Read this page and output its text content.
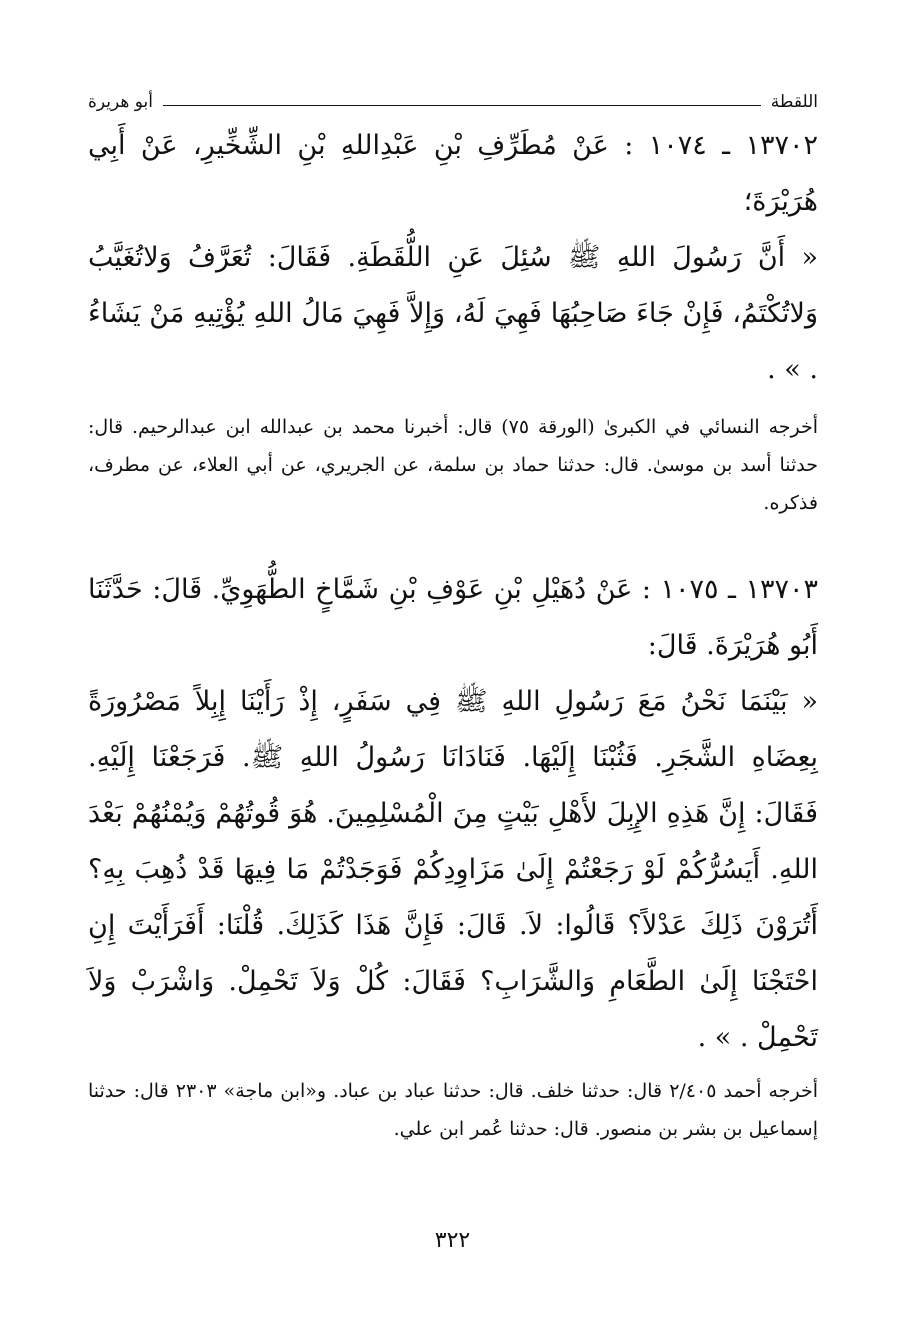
اللقطة
أبو هريرة

١٣٧٠٢ ـ ١٠٧٤ : عَنْ مُطَرِّفِ بْنِ عَبْدِاللهِ بْنِ الشِّخِّيرِ، عَنْ أَبِي هُرَيْرَةَ؛

« أَنَّ رَسُولَ اللهِ ﷺ سُئِلَ عَنِ اللُّقَطَةِ. فَقَالَ: تُعَرَّفُ وَلاتُغَيَّبُ وَلاتُكْتَمُ، فَإِنْ جَاءَ صَاحِبُهَا فَهِيَ لَهُ، وَإِلاَّ فَهِيَ مَالُ اللهِ يُؤْتِيهِ مَنْ يَشَاءُ . » .

أخرجه النسائي في الكبرىٰ (الورقة ٧٥) قال: أخبرنا محمد بن عبدالله ابن عبدالرحيم. قال: حدثنا أسد بن موسىٰ. قال: حدثنا حماد بن سلمة، عن الجريري، عن أبي العلاء، عن مطرف، فذكره.

١٣٧٠٣ ـ ١٠٧٥ : عَنْ دُهَيْلِ بْنِ عَوْفِ بْنِ شَمَّاخٍ الطُّهَوِيِّ. قَالَ: حَدَّثَنَا أَبُو هُرَيْرَةَ. قَالَ:

« بَيْنَمَا نَحْنُ مَعَ رَسُولِ اللهِ ﷺ فِي سَفَرٍ، إِذْ رَأَيْنَا إِبِلاً مَصْرُورَةً بِعِضَاهِ الشَّجَرِ. فَثُبْنَا إِلَيْهَا. فَنَادَانَا رَسُولُ اللهِ ﷺ. فَرَجَعْنَا إِلَيْهِ. فَقَالَ: إِنَّ هَذِهِ الإِبِلَ لأَهْلِ بَيْتٍ مِنَ الْمُسْلِمِينَ. هُوَ قُوتُهُمْ وَيُمْنُهُمْ بَعْدَ اللهِ. أَيَسُرُّكُمْ لَوْ رَجَعْتُمْ إِلَىٰ مَزَاوِدِكُمْ فَوَجَدْتُمْ مَا فِيهَا قَدْ ذُهِبَ بِهِ؟ أَتُرَوْنَ ذَلِكَ عَدْلاً؟ قَالُوا: لاَ. قَالَ: فَإِنَّ هَذَا كَذَلِكَ. قُلْنَا: أَفَرَأَيْتَ إِنِ احْتَجْنَا إِلَىٰ الطَّعَامِ وَالشَّرَابِ؟ فَقَالَ: كُلْ وَلاَ تَحْمِلْ. وَاشْرَبْ وَلاَ تَحْمِلْ . » .

أخرجه أحمد ٢/٤٠٥ قال: حدثنا خلف. قال: حدثنا عباد بن عباد. و«ابن ماجة» ٢٣٠٣ قال: حدثنا إسماعيل بن بشر بن منصور. قال: حدثنا عُمر ابن علي.

٣٢٢
